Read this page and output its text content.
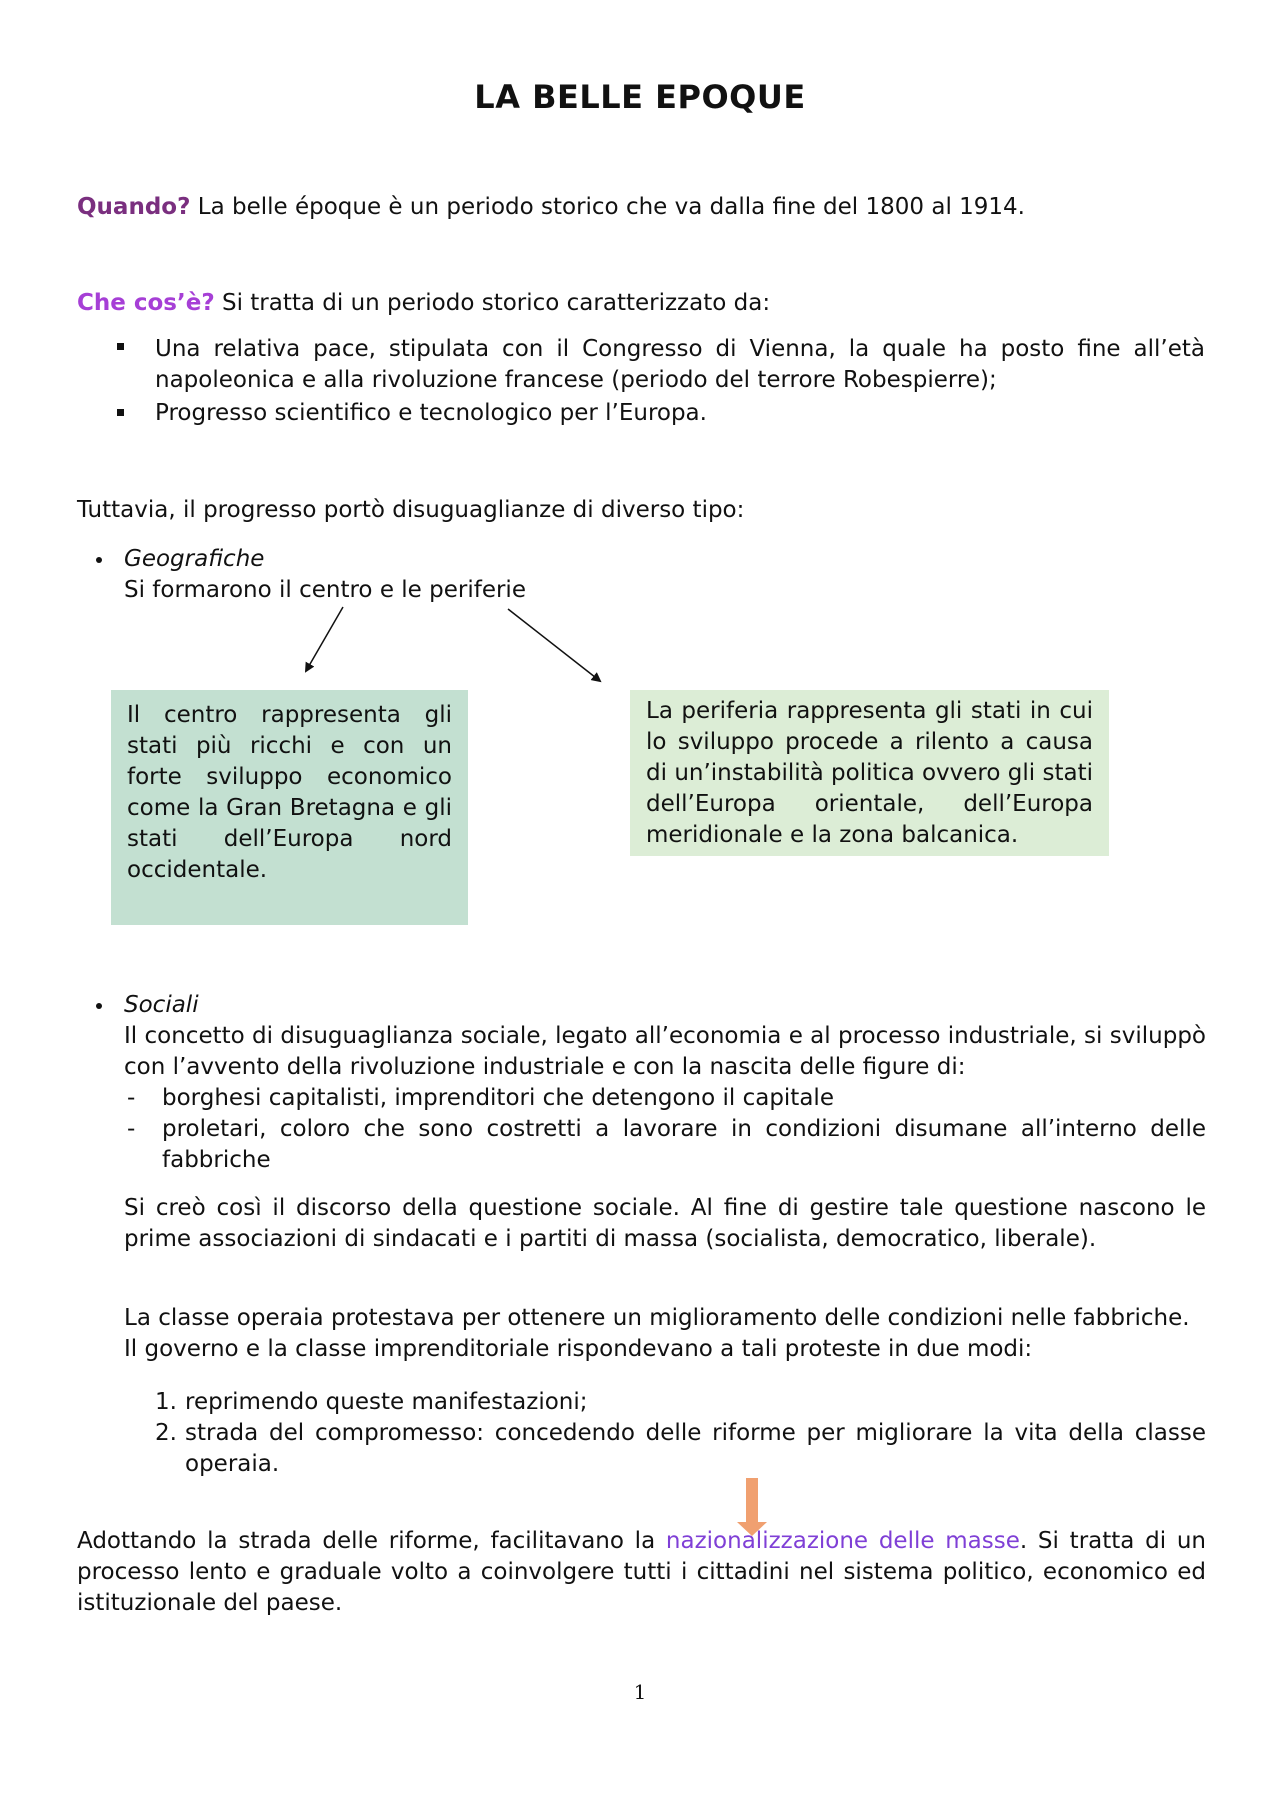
LA BELLE EPOQUE
Quando? La belle époque è un periodo storico che va dalla fine del 1800 al 1914.
Che cos’è? Si tratta di un periodo storico caratterizzato da:
Una relativa pace, stipulata con il Congresso di Vienna, la quale ha posto fine all’età napoleonica e alla rivoluzione francese (periodo del terrore Robespierre);
Progresso scientifico e tecnologico per l’Europa.
Tuttavia, il progresso portò disuguaglianze di diverso tipo:
Geografiche
Si formarono il centro e le periferie
Il centro rappresenta gli stati più ricchi e con un forte sviluppo economico come la Gran Bretagna e gli stati dell’Europa nord occidentale.
La periferia rappresenta gli stati in cui lo sviluppo procede a rilento a causa di un’instabilità politica ovvero gli stati dell’Europa orientale, dell’Europa meridionale e la zona balcanica.
Sociali
Il concetto di disuguaglianza sociale, legato all’economia e al processo industriale, si sviluppò con l’avvento della rivoluzione industriale e con la nascita delle figure di:
- borghesi capitalisti, imprenditori che detengono il capitale
- proletari, coloro che sono costretti a lavorare in condizioni disumane all’interno delle fabbriche
Si creò così il discorso della questione sociale. Al fine di gestire tale questione nascono le prime associazioni di sindacati e i partiti di massa (socialista, democratico, liberale).
La classe operaia protestava per ottenere un miglioramento delle condizioni nelle fabbriche.
Il governo e la classe imprenditoriale rispondevano a tali proteste in due modi:
1. reprimendo queste manifestazioni;
2. strada del compromesso: concedendo delle riforme per migliorare la vita della classe operaia.
Adottando la strada delle riforme, facilitavano la nazionalizzazione delle masse. Si tratta di un processo lento e graduale volto a coinvolgere tutti i cittadini nel sistema politico, economico ed istituzionale del paese.
1
